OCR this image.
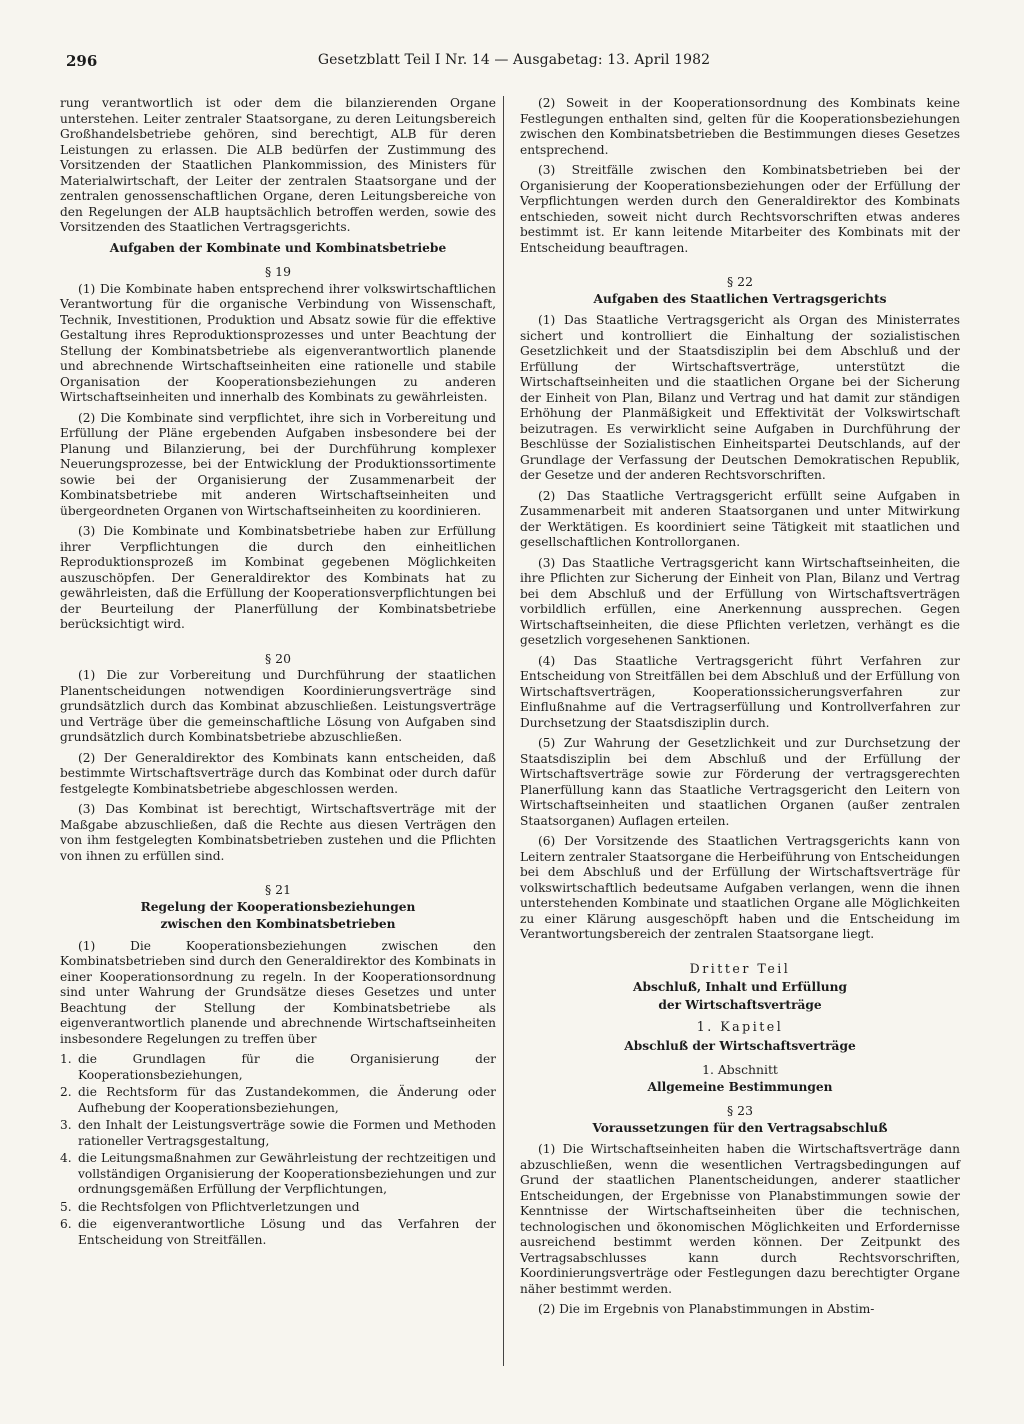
296	Gesetzblatt Teil I Nr. 14 — Ausgabetag: 13. April 1982

rung verantwortlich ist oder dem die bilanzierenden Organe unterstehen. Leiter zentraler Staatsorgane, zu deren Leitungsbereich Großhandelsbetriebe gehören, sind berechtigt, ALB für deren Leistungen zu erlassen. Die ALB bedürfen der Zustimmung des Vorsitzenden der Staatlichen Plankommission, des Ministers für Materialwirtschaft, der Leiter der zentralen Staatsorgane und der zentralen genossenschaftlichen Organe, deren Leitungsbereiche von den Regelungen der ALB hauptsächlich betroffen werden, sowie des Vorsitzenden des Staatlichen Vertragsgerichts.

Aufgaben der Kombinate und Kombinatsbetriebe
§ 19

(1) Die Kombinate haben entsprechend ihrer volkswirtschaftlichen Verantwortung für die organische Verbindung von Wissenschaft, Technik, Investitionen, Produktion und Absatz sowie für die effektive Gestaltung ihres Reproduktionsprozesses und unter Beachtung der Stellung der Kombinatsbetriebe als eigenverantwortlich planende und abrechnende Wirtschaftseinheiten eine rationelle und stabile Organisation der Kooperationsbeziehungen zu anderen Wirtschaftseinheiten und innerhalb des Kombinats zu gewährleisten.

(2) Die Kombinate sind verpflichtet, ihre sich in Vorbereitung und Erfüllung der Pläne ergebenden Aufgaben insbesondere bei der Planung und Bilanzierung, bei der Durchführung komplexer Neuerungsprozesse, bei der Entwicklung der Produktionssortimente sowie bei der Organisierung der Zusammenarbeit der Kombinatsbetriebe mit anderen Wirtschaftseinheiten und übergeordneten Organen von Wirtschaftseinheiten zu koordinieren.

(3) Die Kombinate und Kombinatsbetriebe haben zur Erfüllung ihrer Verpflichtungen die durch den einheitlichen Reproduktionsprozeß im Kombinat gegebenen Möglichkeiten auszuschöpfen. Der Generaldirektor des Kombinats hat zu gewährleisten, daß die Erfüllung der Kooperationsverpflichtungen bei der Beurteilung der Planerfüllung der Kombinatsbetriebe berücksichtigt wird.

§ 20

(1) Die zur Vorbereitung und Durchführung der staatlichen Planentscheidungen notwendigen Koordinierungsverträge sind grundsätzlich durch das Kombinat abzuschließen. Leistungsverträge und Verträge über die gemeinschaftliche Lösung von Aufgaben sind grundsätzlich durch Kombinatsbetriebe abzuschließen.

(2) Der Generaldirektor des Kombinats kann entscheiden, daß bestimmte Wirtschaftsverträge durch das Kombinat oder durch dafür festgelegte Kombinatsbetriebe abgeschlossen werden.

(3) Das Kombinat ist berechtigt, Wirtschaftsverträge mit der Maßgabe abzuschließen, daß die Rechte aus diesen Verträgen den von ihm festgelegten Kombinatsbetrieben zustehen und die Pflichten von ihnen zu erfüllen sind.

§ 21
Regelung der Kooperationsbeziehungen
zwischen den Kombinatsbetrieben

(1) Die Kooperationsbeziehungen zwischen den Kombinatsbetrieben sind durch den Generaldirektor des Kombinats in einer Kooperationsordnung zu regeln. In der Kooperationsordnung sind unter Wahrung der Grundsätze dieses Gesetzes und unter Beachtung der Stellung der Kombinatsbetriebe als eigenverantwortlich planende und abrechnende Wirtschaftseinheiten insbesondere Regelungen zu treffen über

1. die Grundlagen für die Organisierung der Kooperationsbeziehungen,
2. die Rechtsform für das Zustandekommen, die Änderung oder Aufhebung der Kooperationsbeziehungen,
3. den Inhalt der Leistungsverträge sowie die Formen und Methoden rationeller Vertragsgestaltung,
4. die Leitungsmaßnahmen zur Gewährleistung der rechtzeitigen und vollständigen Organisierung der Kooperationsbeziehungen und zur ordnungsgemäßen Erfüllung der Verpflichtungen,
5. die Rechtsfolgen von Pflichtverletzungen und
6. die eigenverantwortliche Lösung und das Verfahren der Entscheidung von Streitfällen.

(2) Soweit in der Kooperationsordnung des Kombinats keine Festlegungen enthalten sind, gelten für die Kooperationsbeziehungen zwischen den Kombinatsbetrieben die Bestimmungen dieses Gesetzes entsprechend.

(3) Streitfälle zwischen den Kombinatsbetrieben bei der Organisierung der Kooperationsbeziehungen oder der Erfüllung der Verpflichtungen werden durch den Generaldirektor des Kombinats entschieden, soweit nicht durch Rechtsvorschriften etwas anderes bestimmt ist. Er kann leitende Mitarbeiter des Kombinats mit der Entscheidung beauftragen.

§ 22
Aufgaben des Staatlichen Vertragsgerichts

(1) Das Staatliche Vertragsgericht als Organ des Ministerrates sichert und kontrolliert die Einhaltung der sozialistischen Gesetzlichkeit und der Staatsdisziplin bei dem Abschluß und der Erfüllung der Wirtschaftsverträge, unterstützt die Wirtschaftseinheiten und die staatlichen Organe bei der Sicherung der Einheit von Plan, Bilanz und Vertrag und hat damit zur ständigen Erhöhung der Planmäßigkeit und Effektivität der Volkswirtschaft beizutragen. Es verwirklicht seine Aufgaben in Durchführung der Beschlüsse der Sozialistischen Einheitspartei Deutschlands, auf der Grundlage der Verfassung der Deutschen Demokratischen Republik, der Gesetze und der anderen Rechtsvorschriften.

(2) Das Staatliche Vertragsgericht erfüllt seine Aufgaben in Zusammenarbeit mit anderen Staatsorganen und unter Mitwirkung der Werktätigen. Es koordiniert seine Tätigkeit mit staatlichen und gesellschaftlichen Kontrollorganen.

(3) Das Staatliche Vertragsgericht kann Wirtschaftseinheiten, die ihre Pflichten zur Sicherung der Einheit von Plan, Bilanz und Vertrag bei dem Abschluß und der Erfüllung von Wirtschaftsverträgen vorbildlich erfüllen, eine Anerkennung aussprechen. Gegen Wirtschaftseinheiten, die diese Pflichten verletzen, verhängt es die gesetzlich vorgesehenen Sanktionen.

(4) Das Staatliche Vertragsgericht führt Verfahren zur Entscheidung von Streitfällen bei dem Abschluß und der Erfüllung von Wirtschaftsverträgen, Kooperationssicherungsverfahren zur Einflußnahme auf die Vertragserfüllung und Kontrollverfahren zur Durchsetzung der Staatsdisziplin durch.

(5) Zur Wahrung der Gesetzlichkeit und zur Durchsetzung der Staatsdisziplin bei dem Abschluß und der Erfüllung der Wirtschaftsverträge sowie zur Förderung der vertragsgerechten Planerfüllung kann das Staatliche Vertragsgericht den Leitern von Wirtschaftseinheiten und staatlichen Organen (außer zentralen Staatsorganen) Auflagen erteilen.

(6) Der Vorsitzende des Staatlichen Vertragsgerichts kann von Leitern zentraler Staatsorgane die Herbeiführung von Entscheidungen bei dem Abschluß und der Erfüllung der Wirtschaftsverträge für volkswirtschaftlich bedeutsame Aufgaben verlangen, wenn die ihnen unterstehenden Kombinate und staatlichen Organe alle Möglichkeiten zu einer Klärung ausgeschöpft haben und die Entscheidung im Verantwortungsbereich der zentralen Staatsorgane liegt.

Dritter Teil
Abschluß, Inhalt und Erfüllung
der Wirtschaftsverträge
1. Kapitel
Abschluß der Wirtschaftsverträge
1. Abschnitt
Allgemeine Bestimmungen
§ 23
Voraussetzungen für den Vertragsabschluß

(1) Die Wirtschaftseinheiten haben die Wirtschaftsverträge dann abzuschließen, wenn die wesentlichen Vertragsbedingungen auf Grund der staatlichen Planentscheidungen, anderer staatlicher Entscheidungen, der Ergebnisse von Planabstimmungen sowie der Kenntnisse der Wirtschaftseinheiten über die technischen, technologischen und ökonomischen Möglichkeiten und Erfordernisse ausreichend bestimmt werden können. Der Zeitpunkt des Vertragsabschlusses kann durch Rechtsvorschriften, Koordinierungsverträge oder Festlegungen dazu berechtigter Organe näher bestimmt werden.

(2) Die im Ergebnis von Planabstimmungen in Abstim-
